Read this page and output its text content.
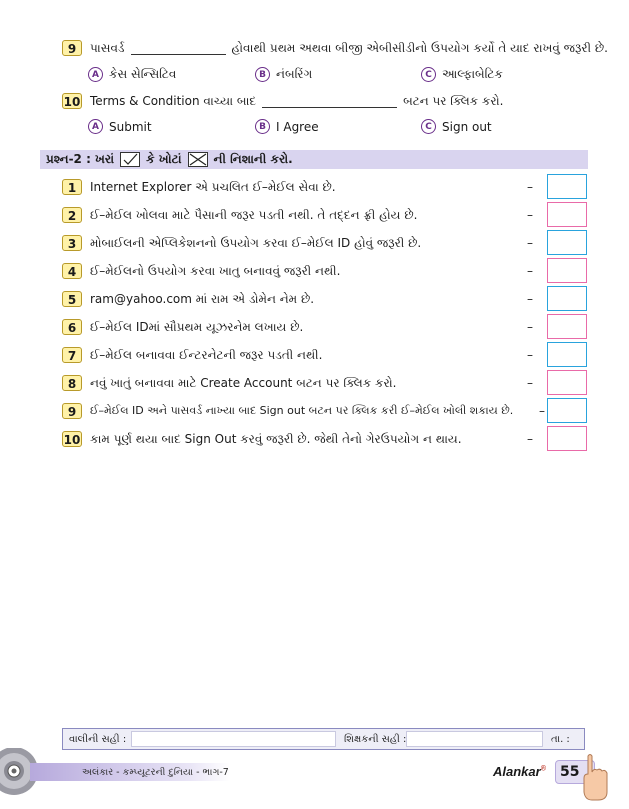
9	પાસવર્ડ	હોવાથી પ્રથમ અથવા બીજી એબીસીડીનો ઉપયોગ કર્યો તે યાદ રાખવું જરૂરી છે.
A કેસ સેન્સિટિવ	B નંબરિંગ	C આલ્ફાબેટિક
10 Terms & Condition વાચ્યા બાદ	બટન પર ક્લિક કરો.
A Submit	B I Agree	C Sign out
પ્રશ્ન-2 : ખરાં	કે ખોટાં	ની નિશાની કરો.
1	Internet Explorer એ પ્રચલિત ઈ–મેઈલ સેવા છે.	–
2	ઈ–મેઈલ ખોલવા માટે પૈસાની જરૂર પડતી નથી. તે તદ્દન ફ્રી હોય છે.	–
3	મોબાઈલની એપ્લિકેશનનો ઉપયોગ કરવા ઈ–મેઈલ ID હોવું જરૂરી છે.	–
4	ઈ–મેઈલનો ઉપયોગ કરવા ખાતુ બનાવવું જરૂરી નથી.	–
5	ram@yahoo.com માં રામ એ ડોમેન નેમ છે.	–
6	ઈ–મેઈલ IDમાં સૌપ્રથમ યૂઝરનેમ લખાય છે.	–
7	ઈ–મેઈલ બનાવવા ઈન્ટરનેટની જરૂર પડતી નથી.	–
8	નવું ખાતું બનાવવા માટે Create Account બટન પર ક્લિક કરો.	–
9	ઈ–મેઈલ ID અને પાસવર્ડ નાખ્યા બાદ Sign out બટન પર ક્લિક કરી ઈ–મેઈલ ખોલી શકાય છે. –
10 કામ પૂર્ણ થયા બાદ Sign Out કરવું જરૂરી છે. જેથી તેનો ગેરઉપયોગ ન થાય.	–
વાલીની સહી :	શિક્ષકની સહી :	તા. :
અલંકાર - કમ્પ્યૂટરની દુનિયા - ભાગ-7	Alankar® 55
